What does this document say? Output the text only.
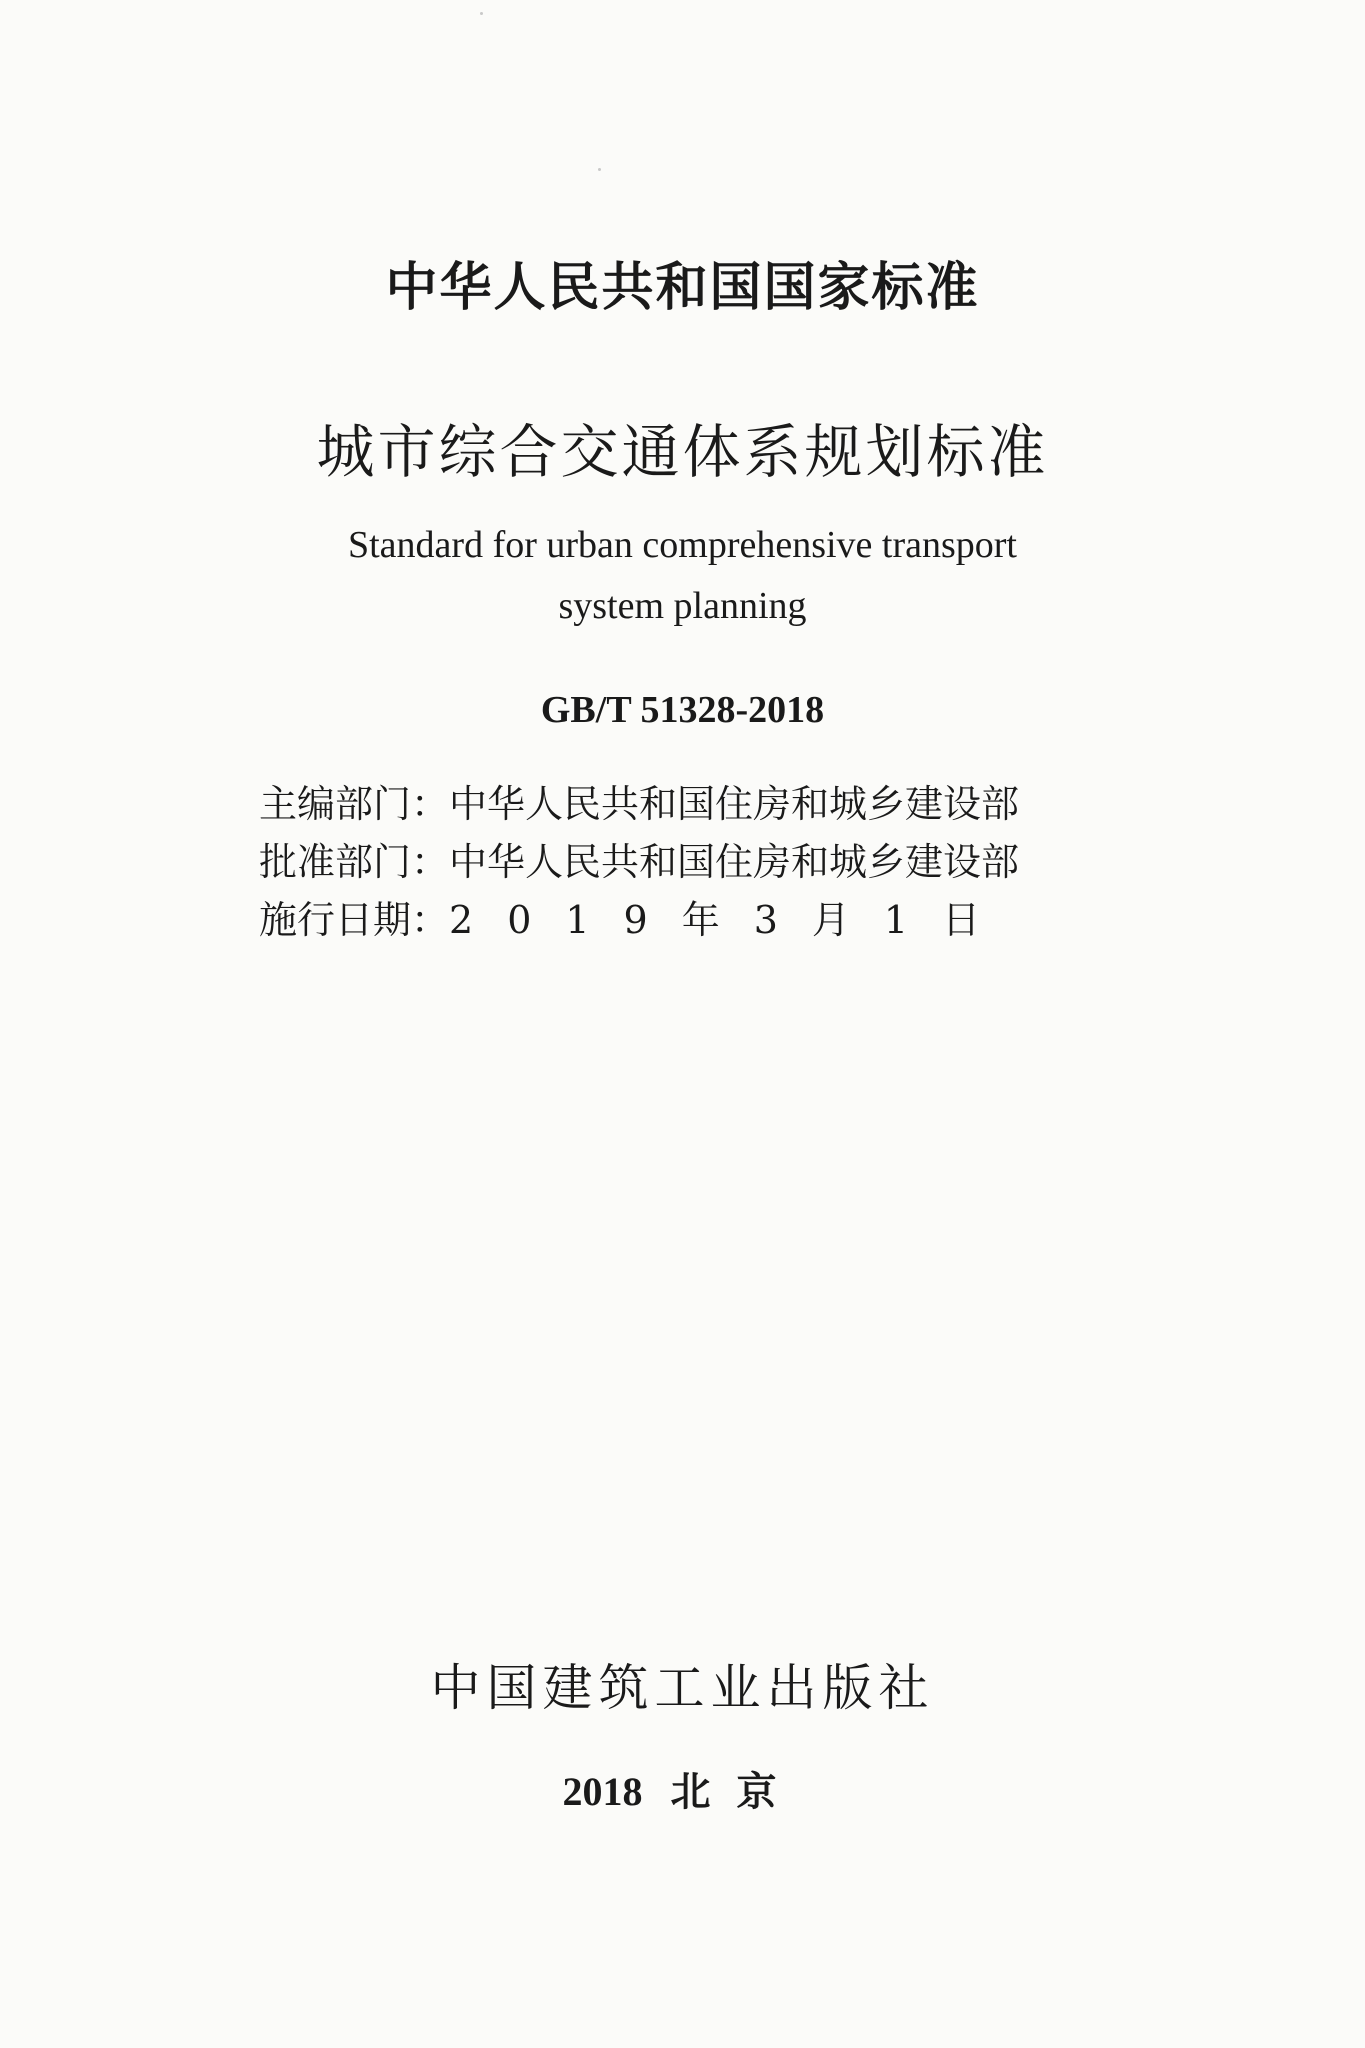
中华人民共和国国家标准
城市综合交通体系规划标准
Standard for urban comprehensive transport
system planning
GB/T 51328-2018
主编部门： 中华人民共和国住房和城乡建设部
批准部门： 中华人民共和国住房和城乡建设部
施行日期： 2019年3月1日
中国建筑工业出版社
2018 北京
